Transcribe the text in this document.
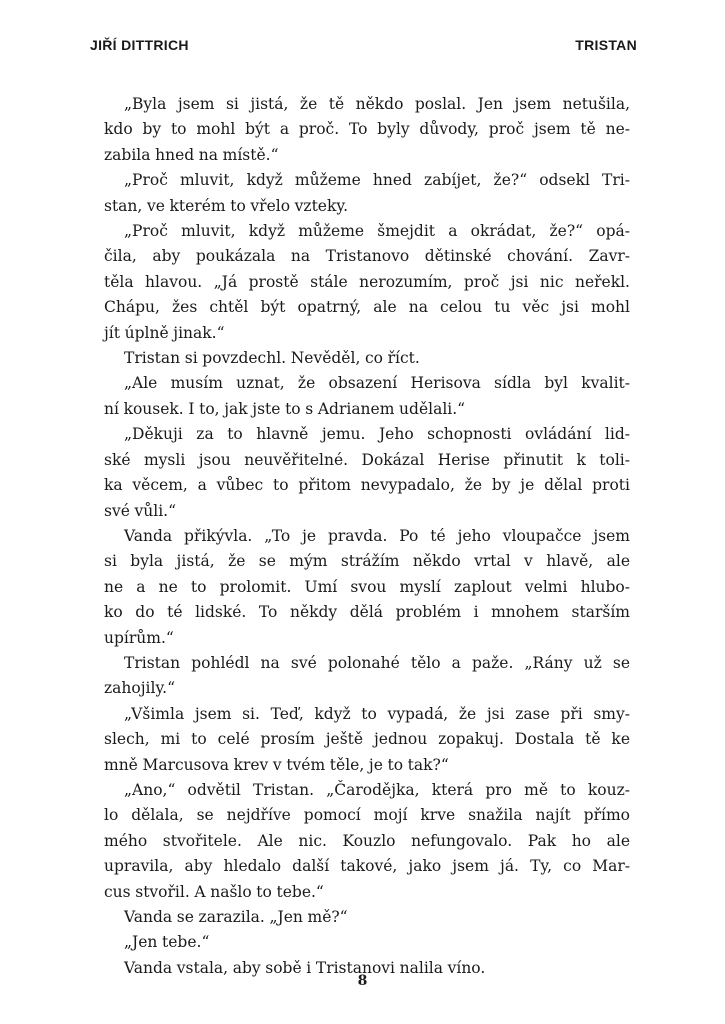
JIŘÍ DITTRICH	TRISTAN

„Byla jsem si jistá, že tě někdo poslal. Jen jsem netušila,
kdo by to mohl být a proč. To byly důvody, proč jsem tě ne-
zabila hned na místě.“

„Proč mluvit, když můžeme hned zabíjet, že?“ odsekl Tri-
stan, ve kterém to vřelo vzteky.

„Proč mluvit, když můžeme šmejdit a okrádat, že?“ opá-
čila, aby poukázala na Tristanovo dětinské chování. Zavr-
těla hlavou. „Já prostě stále nerozumím, proč jsi nic neřekl.
Chápu, žes chtěl být opatrný, ale na celou tu věc jsi mohl
jít úplně jinak.“

Tristan si povzdechl. Nevěděl, co říct.

„Ale musím uznat, že obsazení Herisova sídla byl kvalit-
ní kousek. I to, jak jste to s Adrianem udělali.“

„Děkuji za to hlavně jemu. Jeho schopnosti ovládání lid-
ské mysli jsou neuvěřitelné. Dokázal Herise přinutit k toli-
ka věcem, a vůbec to přitom nevypadalo, že by je dělal proti
své vůli.“

Vanda přikývla. „To je pravda. Po té jeho vloupačce jsem
si byla jistá, že se mým strážím někdo vrtal v hlavě, ale
ne a ne to prolomit. Umí svou myslí zaplout velmi hlubo-
ko do té lidské. To někdy dělá problém i mnohem starším
upírům.“

Tristan pohlédl na své polonahé tělo a paže. „Rány už se
zahojily.“

„Všimla jsem si. Teď, když to vypadá, že jsi zase při smy-
slech, mi to celé prosím ještě jednou zopakuj. Dostala tě ke
mně Marcusova krev v tvém těle, je to tak?“

„Ano,“ odvětil Tristan. „Čarodějka, která pro mě to kouz-
lo dělala, se nejdříve pomocí mojí krve snažila najít přímo
mého stvořitele. Ale nic. Kouzlo nefungovalo. Pak ho ale
upravila, aby hledalo další takové, jako jsem já. Ty, co Mar-
cus stvořil. A našlo to tebe.“

Vanda se zarazila. „Jen mě?“

„Jen tebe.“

Vanda vstala, aby sobě i Tristanovi nalila víno.

8
